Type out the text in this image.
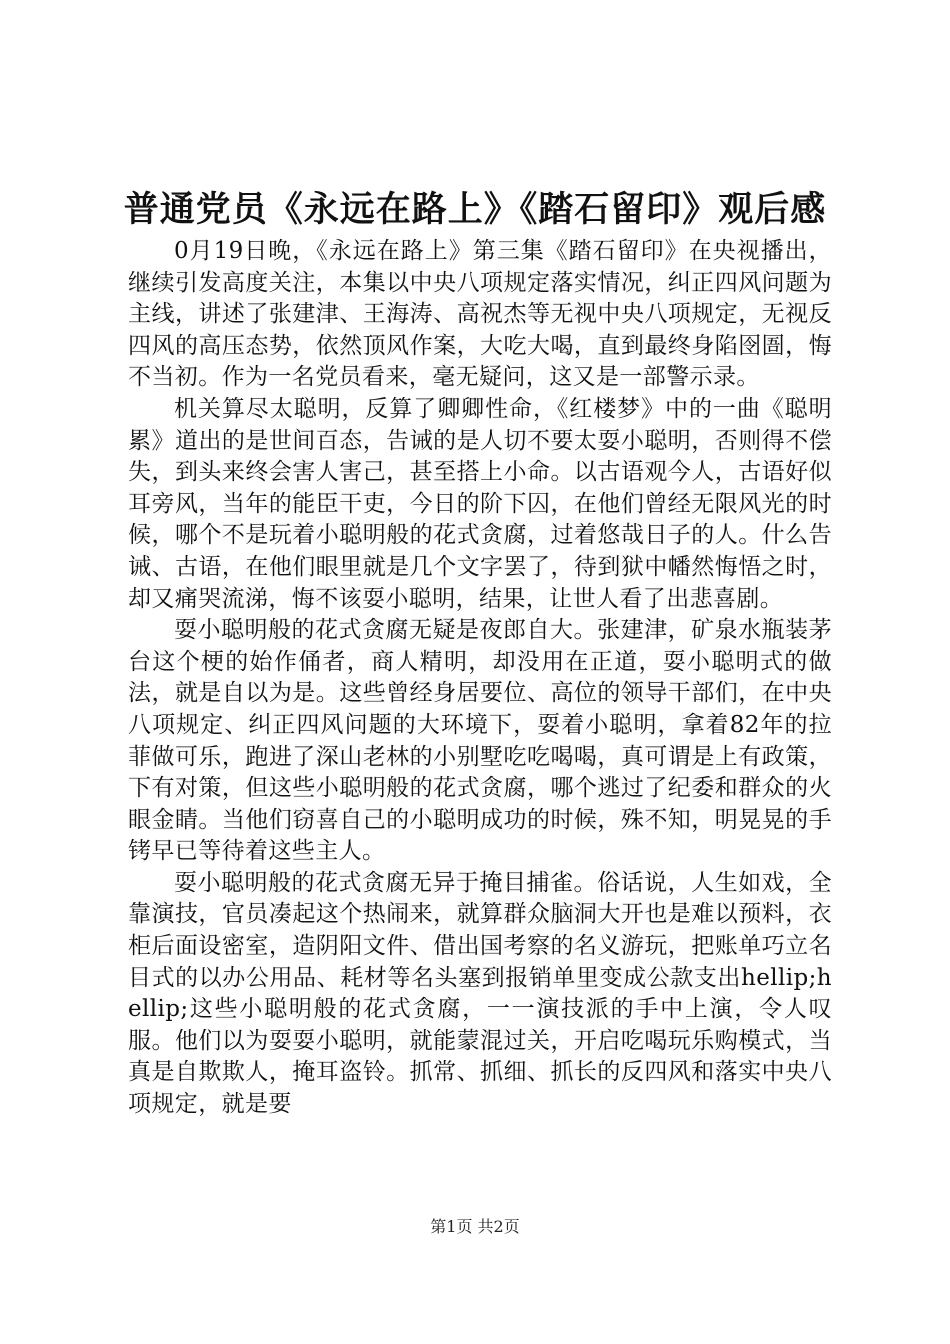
普通党员《永远在路上》《踏石留印》观后感

0月19日晚，《永远在路上》第三集《踏石留印》在央视播出，继续引发高度关注，本集以中央八项规定落实情况，纠正四风问题为主线，讲述了张建津、王海涛、高祝杰等无视中央八项规定，无视反四风的高压态势，依然顶风作案，大吃大喝，直到最终身陷囹圄，悔不当初。作为一名党员看来，毫无疑问，这又是一部警示录。

机关算尽太聪明，反算了卿卿性命，《红楼梦》中的一曲《聪明累》道出的是世间百态，告诫的是人切不要太耍小聪明，否则得不偿失，到头来终会害人害己，甚至搭上小命。以古语观今人，古语好似耳旁风，当年的能臣干吏，今日的阶下囚，在他们曾经无限风光的时候，哪个不是玩着小聪明般的花式贪腐，过着悠哉日子的人。什么告诫、古语，在他们眼里就是几个文字罢了，待到狱中幡然悔悟之时，却又痛哭流涕，悔不该耍小聪明，结果，让世人看了出悲喜剧。

耍小聪明般的花式贪腐无疑是夜郎自大。张建津，矿泉水瓶装茅台这个梗的始作俑者，商人精明，却没用在正道，耍小聪明式的做法，就是自以为是。这些曾经身居要位、高位的领导干部们，在中央八项规定、纠正四风问题的大环境下，耍着小聪明，拿着82年的拉菲做可乐，跑进了深山老林的小别墅吃吃喝喝，真可谓是上有政策，下有对策，但这些小聪明般的花式贪腐，哪个逃过了纪委和群众的火眼金睛。当他们窃喜自己的小聪明成功的时候，殊不知，明晃晃的手铐早已等待着这些主人。

耍小聪明般的花式贪腐无异于掩目捕雀。俗话说，人生如戏，全靠演技，官员凑起这个热闹来，就算群众脑洞大开也是难以预料，衣柜后面设密室，造阴阳文件、借出国考察的名义游玩，把账单巧立名目式的以办公用品、耗材等名头塞到报销单里变成公款支出hellip;hellip;这些小聪明般的花式贪腐，一一演技派的手中上演，令人叹服。他们以为耍耍小聪明，就能蒙混过关，开启吃喝玩乐购模式，当真是自欺欺人，掩耳盗铃。抓常、抓细、抓长的反四风和落实中央八项规定，就是要

第1页 共2页
